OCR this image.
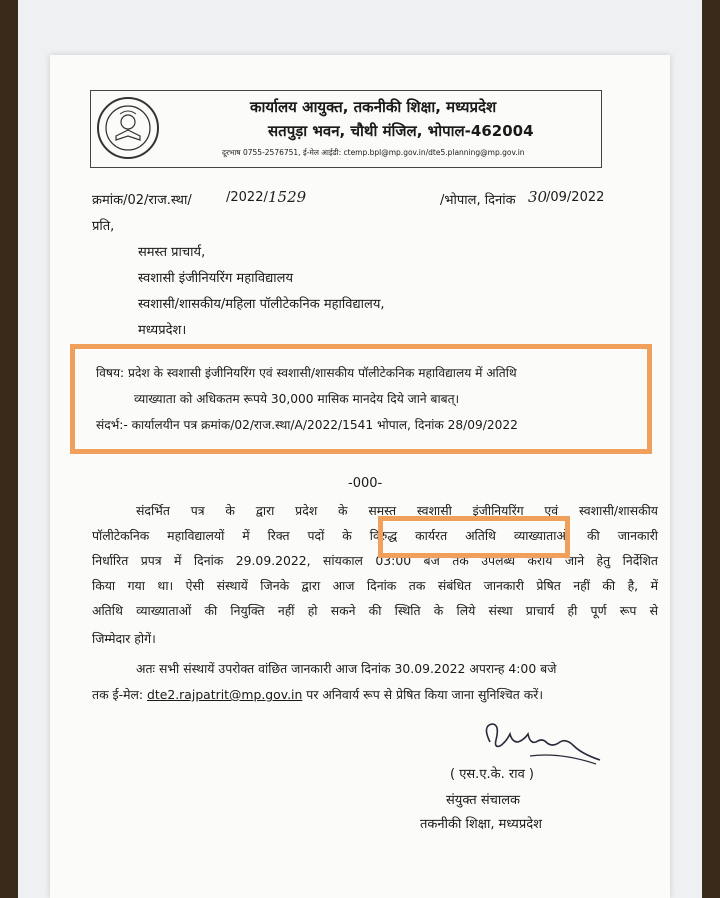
कार्यालय आयुक्त, तकनीकी शिक्षा, मध्यप्रदेश
सतपुड़ा भवन, चौथी मंजिल, भोपाल-462004
दूरभाष 0755-2576751, ई-मेल आईडी: ctemp.bpl@mp.gov.in/dte5.planning@mp.gov.in
क्रमांक/02/राज.स्था/	/2022/ 1529	/भोपाल, दिनांक 30
/09/2022
प्रति,
समस्त प्राचार्य,
स्वशासी इंजीनियरिंग महाविद्यालय
स्वशासी/शासकीय/महिला पॉलीटेकनिक महाविद्यालय,
मध्यप्रदेश।
विषय: प्रदेश के स्वशासी इंजीनियरिंग एवं स्वशासी/शासकीय पॉलीटेकनिक महाविद्यालय में अतिथि
व्याख्याता को अधिकतम रूपये 30,000 मासिक मानदेय दिये जाने बाबत्।
संदर्भ:- कार्यालयीन पत्र क्रमांक/02/राज.स्था/A/2022/1541 भोपाल, दिनांक 28/09/2022
-000-
संदर्भित पत्र के द्वारा प्रदेश के समस्त स्वशासी इंजीनियरिंग एवं स्वशासी/शासकीय
पॉलीटेकनिक महाविद्यालयों में रिक्त पदों के विरुद्ध कार्यरत अतिथि व्याख्याताओं की जानकारी
निर्धारित प्रपत्र में दिनांक 29.09.2022, सांयकाल 03:00 बजे तक उपलब्ध कराये जाने हेतु निर्देशित
किया गया था। ऐसी संस्थायें जिनके द्वारा आज दिनांक तक संबंधित जानकारी प्रेषित नहीं की है, में
अतिथि व्याख्याताओं की नियुक्ति नहीं हो सकने की स्थिति के लिये संस्था प्राचार्य ही पूर्ण रूप से
जिम्मेदार होगें।
अतः सभी संस्थायें उपरोक्त वांछित जानकारी आज दिनांक 30.09.2022 अपरान्ह 4:00 बजे
तक ई-मेल: dte2.rajpatrit@mp.gov.in पर अनिवार्य रूप से प्रेषित किया जाना सुनिश्चित करें।
( एस.ए.के. राव )
संयुक्त संचालक
तकनीकी शिक्षा, मध्यप्रदेश
